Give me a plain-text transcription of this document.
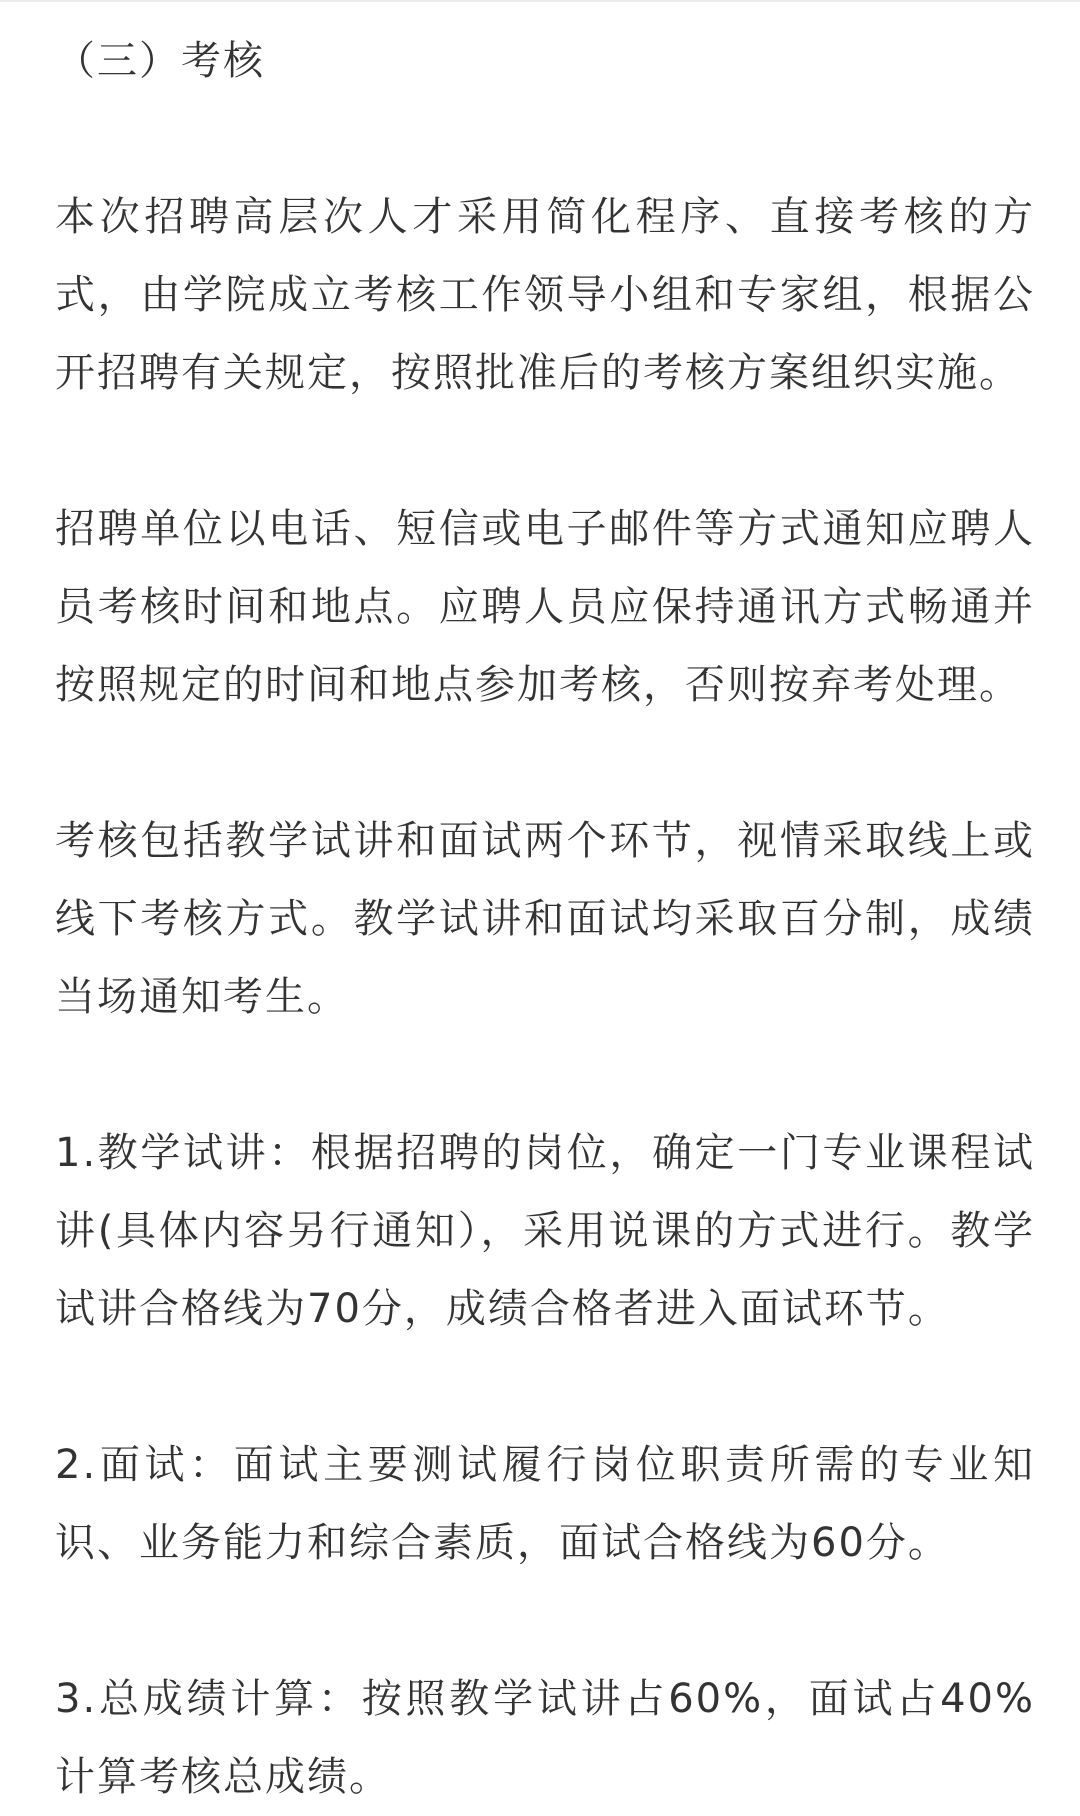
（三）考核

本次招聘高层次人才采用简化程序、直接考核的方式，由学院成立考核工作领导小组和专家组，根据公开招聘有关规定，按照批准后的考核方案组织实施。

招聘单位以电话、短信或电子邮件等方式通知应聘人员考核时间和地点。应聘人员应保持通讯方式畅通并按照规定的时间和地点参加考核，否则按弃考处理。

考核包括教学试讲和面试两个环节，视情采取线上或线下考核方式。教学试讲和面试均采取百分制，成绩当场通知考生。

1.教学试讲：根据招聘的岗位，确定一门专业课程试讲(具体内容另行通知），采用说课的方式进行。教学试讲合格线为70分，成绩合格者进入面试环节。

2.面试：面试主要测试履行岗位职责所需的专业知识、业务能力和综合素质，面试合格线为60分。

3.总成绩计算：按照教学试讲占60%，面试占40%计算考核总成绩。
